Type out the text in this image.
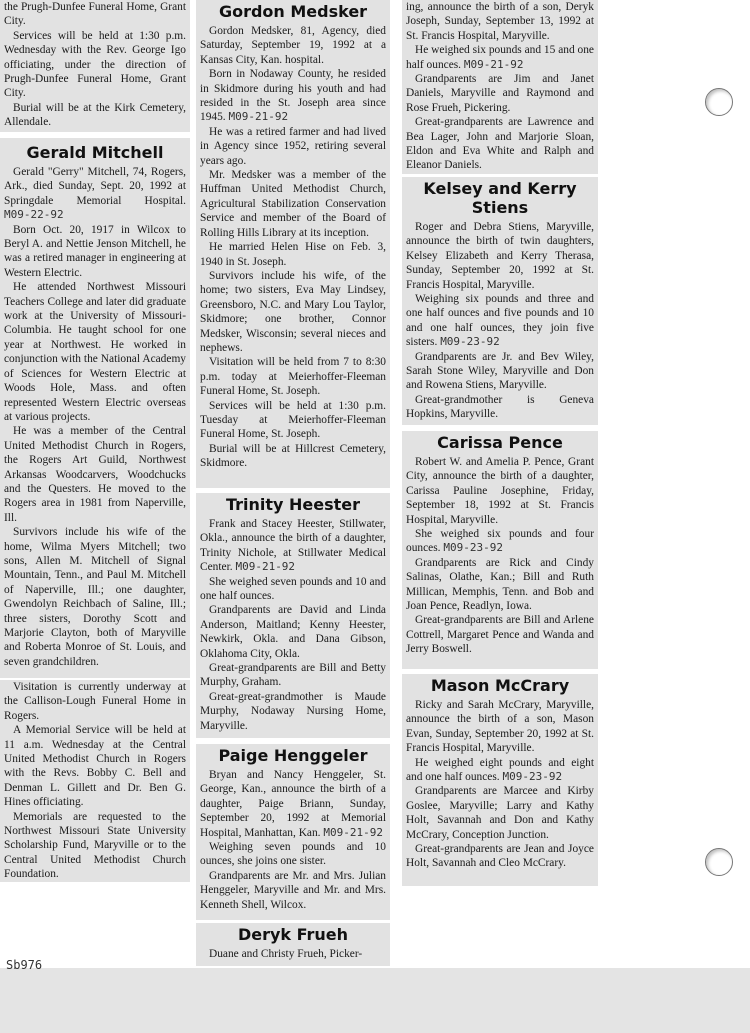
the Prugh-Dunfee Funeral Home, Grant City.

Services will be held at 1:30 p.m. Wednesday with the Rev. George Igo officiating, under the direction of Prugh-Dunfee Funeral Home, Grant City.

Burial will be at the Kirk Cemetery, Allendale.

Gerald Mitchell

Gerald "Gerry" Mitchell, 74, Rogers, Ark., died Sunday, Sept. 20, 1992 at Springdale Memorial Hospital. M09-22-92

Born Oct. 20, 1917 in Wilcox to Beryl A. and Nettie Jenson Mitchell, he was a retired manager in engineering at Western Electric.

He attended Northwest Missouri Teachers College and later did graduate work at the University of Missouri-Columbia. He taught school for one year at Northwest. He worked in conjunction with the National Academy of Sciences for Western Electric at Woods Hole, Mass. and often represented Western Electric overseas at various projects.

He was a member of the Central United Methodist Church in Rogers, the Rogers Art Guild, Northwest Arkansas Woodcarvers, Woodchucks and the Questers. He moved to the Rogers area in 1981 from Naperville, Ill.

Survivors include his wife of the home, Wilma Myers Mitchell; two sons, Allen M. Mitchell of Signal Mountain, Tenn., and Paul M. Mitchell of Naperville, Ill.; one daughter, Gwendolyn Reichbach of Saline, Ill.; three sisters, Dorothy Scott and Marjorie Clayton, both of Maryville and Roberta Monroe of St. Louis, and seven grandchildren.

Visitation is currently underway at the Callison-Lough Funeral Home in Rogers.

A Memorial Service will be held at 11 a.m. Wednesday at the Central United Methodist Church in Rogers with the Revs. Bobby C. Bell and Denman L. Gillett and Dr. Ben G. Hines officiating.

Memorials are requested to the Northwest Missouri State University Scholarship Fund, Maryville or to the Central United Methodist Church Foundation.

Gordon Medsker

Gordon Medsker, 81, Agency, died Saturday, September 19, 1992 at a Kansas City, Kan. hospital.

Born in Nodaway County, he resided in Skidmore during his youth and had resided in the St. Joseph area since 1945. M09-21-92

He was a retired farmer and had lived in Agency since 1952, retiring several years ago.

Mr. Medsker was a member of the Huffman United Methodist Church, Agricultural Stabilization Conservation Service and member of the Board of Rolling Hills Library at its inception.

He married Helen Hise on Feb. 3, 1940 in St. Joseph.

Survivors include his wife, of the home; two sisters, Eva May Lindsey, Greensboro, N.C. and Mary Lou Taylor, Skidmore; one brother, Connor Medsker, Wisconsin; several nieces and nephews.

Visitation will be held from 7 to 8:30 p.m. today at Meierhoffer-Fleeman Funeral Home, St. Joseph.

Services will be held at 1:30 p.m. Tuesday at Meierhoffer-Fleeman Funeral Home, St. Joseph.

Burial will be at Hillcrest Cemetery, Skidmore.

Trinity Heester

Frank and Stacey Heester, Stillwater, Okla., announce the birth of a daughter, Trinity Nichole, at Stillwater Medical Center. M09-21-92

She weighed seven pounds and 10 and one half ounces.

Grandparents are David and Linda Anderson, Maitland; Kenny Heester, Newkirk, Okla. and Dana Gibson, Oklahoma City, Okla.

Great-grandparents are Bill and Betty Murphy, Graham.

Great-great-grandmother is Maude Murphy, Nodaway Nursing Home, Maryville.

Paige Henggeler

Bryan and Nancy Henggeler, St. George, Kan., announce the birth of a daughter, Paige Briann, Sunday, September 20, 1992 at Memorial Hospital, Manhattan, Kan. M09-21-92

Weighing seven pounds and 10 ounces, she joins one sister.

Grandparents are Mr. and Mrs. Julian Henggeler, Maryville and Mr. and Mrs. Kenneth Shell, Wilcox.

Deryk Frueh

Duane and Christy Frueh, Picker-

ing, announce the birth of a son, Deryk Joseph, Sunday, September 13, 1992 at St. Francis Hospital, Maryville.

He weighed six pounds and 15 and one half ounces. M09-21-92

Grandparents are Jim and Janet Daniels, Maryville and Raymond and Rose Frueh, Pickering.

Great-grandparents are Lawrence and Bea Lager, John and Marjorie Sloan, Eldon and Eva White and Ralph and Eleanor Daniels.

Kelsey and Kerry Stiens

Roger and Debra Stiens, Maryville, announce the birth of twin daughters, Kelsey Elizabeth and Kerry Therasa, Sunday, September 20, 1992 at St. Francis Hospital, Maryville.

Weighing six pounds and three and one half ounces and five pounds and 10 and one half ounces, they join five sisters. M09-23-92

Grandparents are Jr. and Bev Wiley, Sarah Stone Wiley, Maryville and Don and Rowena Stiens, Maryville.

Great-grandmother is Geneva Hopkins, Maryville.

Carissa Pence

Robert W. and Amelia P. Pence, Grant City, announce the birth of a daughter, Carissa Pauline Josephine, Friday, September 18, 1992 at St. Francis Hospital, Maryville.

She weighed six pounds and four ounces. M09-23-92

Grandparents are Rick and Cindy Salinas, Olathe, Kan.; Bill and Ruth Millican, Memphis, Tenn. and Bob and Joan Pence, Readlyn, Iowa.

Great-grandparents are Bill and Arlene Cottrell, Margaret Pence and Wanda and Jerry Boswell.

Mason McCrary

Ricky and Sarah McCrary, Maryville, announce the birth of a son, Mason Evan, Sunday, September 20, 1992 at St. Francis Hospital, Maryville.

He weighed eight pounds and eight and one half ounces. M09-23-92

Grandparents are Marcee and Kirby Goslee, Maryville; Larry and Kathy Holt, Savannah and Don and Kathy McCrary, Conception Junction.

Great-grandparents are Jean and Joyce Holt, Savannah and Cleo McCrary.

Sb976
